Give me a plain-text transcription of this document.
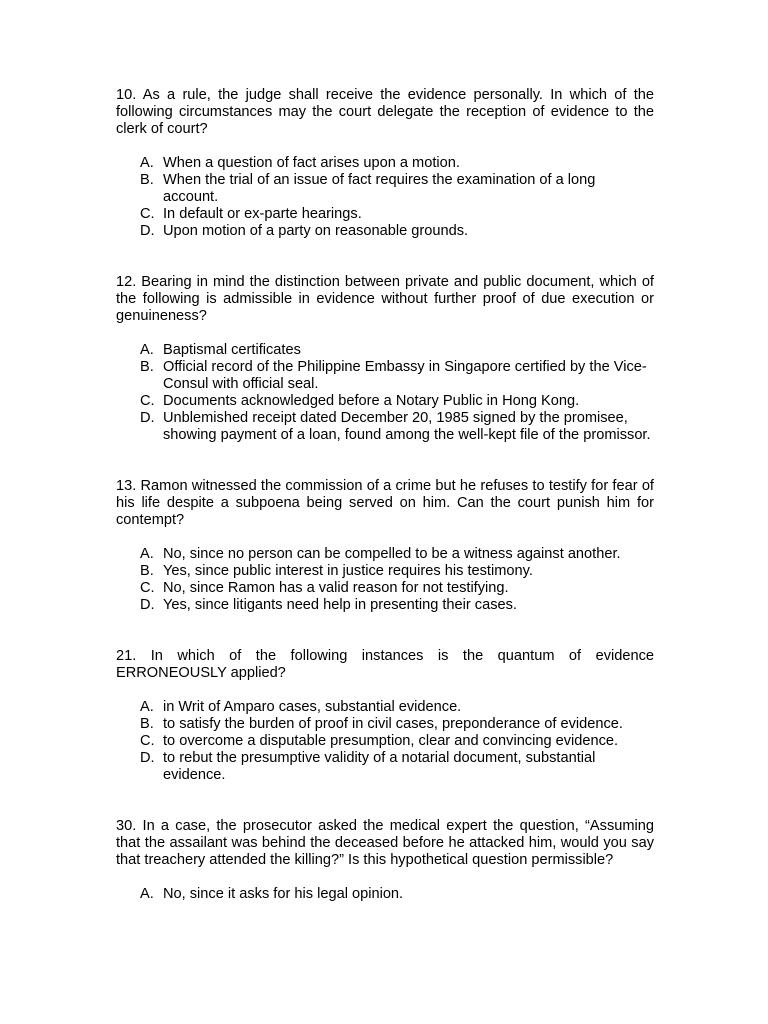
10. As a rule, the judge shall receive the evidence personally. In which of the following circumstances may the court delegate the reception of evidence to the clerk of court?

A. When a question of fact arises upon a motion.
B. When the trial of an issue of fact requires the examination of a long account.
C. In default or ex-parte hearings.
D. Upon motion of a party on reasonable grounds.

12. Bearing in mind the distinction between private and public document, which of the following is admissible in evidence without further proof of due execution or genuineness?

A. Baptismal certificates
B. Official record of the Philippine Embassy in Singapore certified by the Vice- Consul with official seal.
C. Documents acknowledged before a Notary Public in Hong Kong.
D. Unblemished receipt dated December 20, 1985 signed by the promisee, showing payment of a loan, found among the well-kept file of the promissor.

13. Ramon witnessed the commission of a crime but he refuses to testify for fear of his life despite a subpoena being served on him. Can the court punish him for contempt?

A. No, since no person can be compelled to be a witness against another.
B. Yes, since public interest in justice requires his testimony.
C. No, since Ramon has a valid reason for not testifying.
D. Yes, since litigants need help in presenting their cases.

21. In which of the following instances is the quantum of evidence ERRONEOUSLY applied?

A. in Writ of Amparo cases, substantial evidence.
B. to satisfy the burden of proof in civil cases, preponderance of evidence.
C. to overcome a disputable presumption, clear and convincing evidence.
D. to rebut the presumptive validity of a notarial document, substantial evidence.

30. In a case, the prosecutor asked the medical expert the question, “Assuming that the assailant was behind the deceased before he attacked him, would you say that treachery attended the killing?” Is this hypothetical question permissible?

A. No, since it asks for his legal opinion.
